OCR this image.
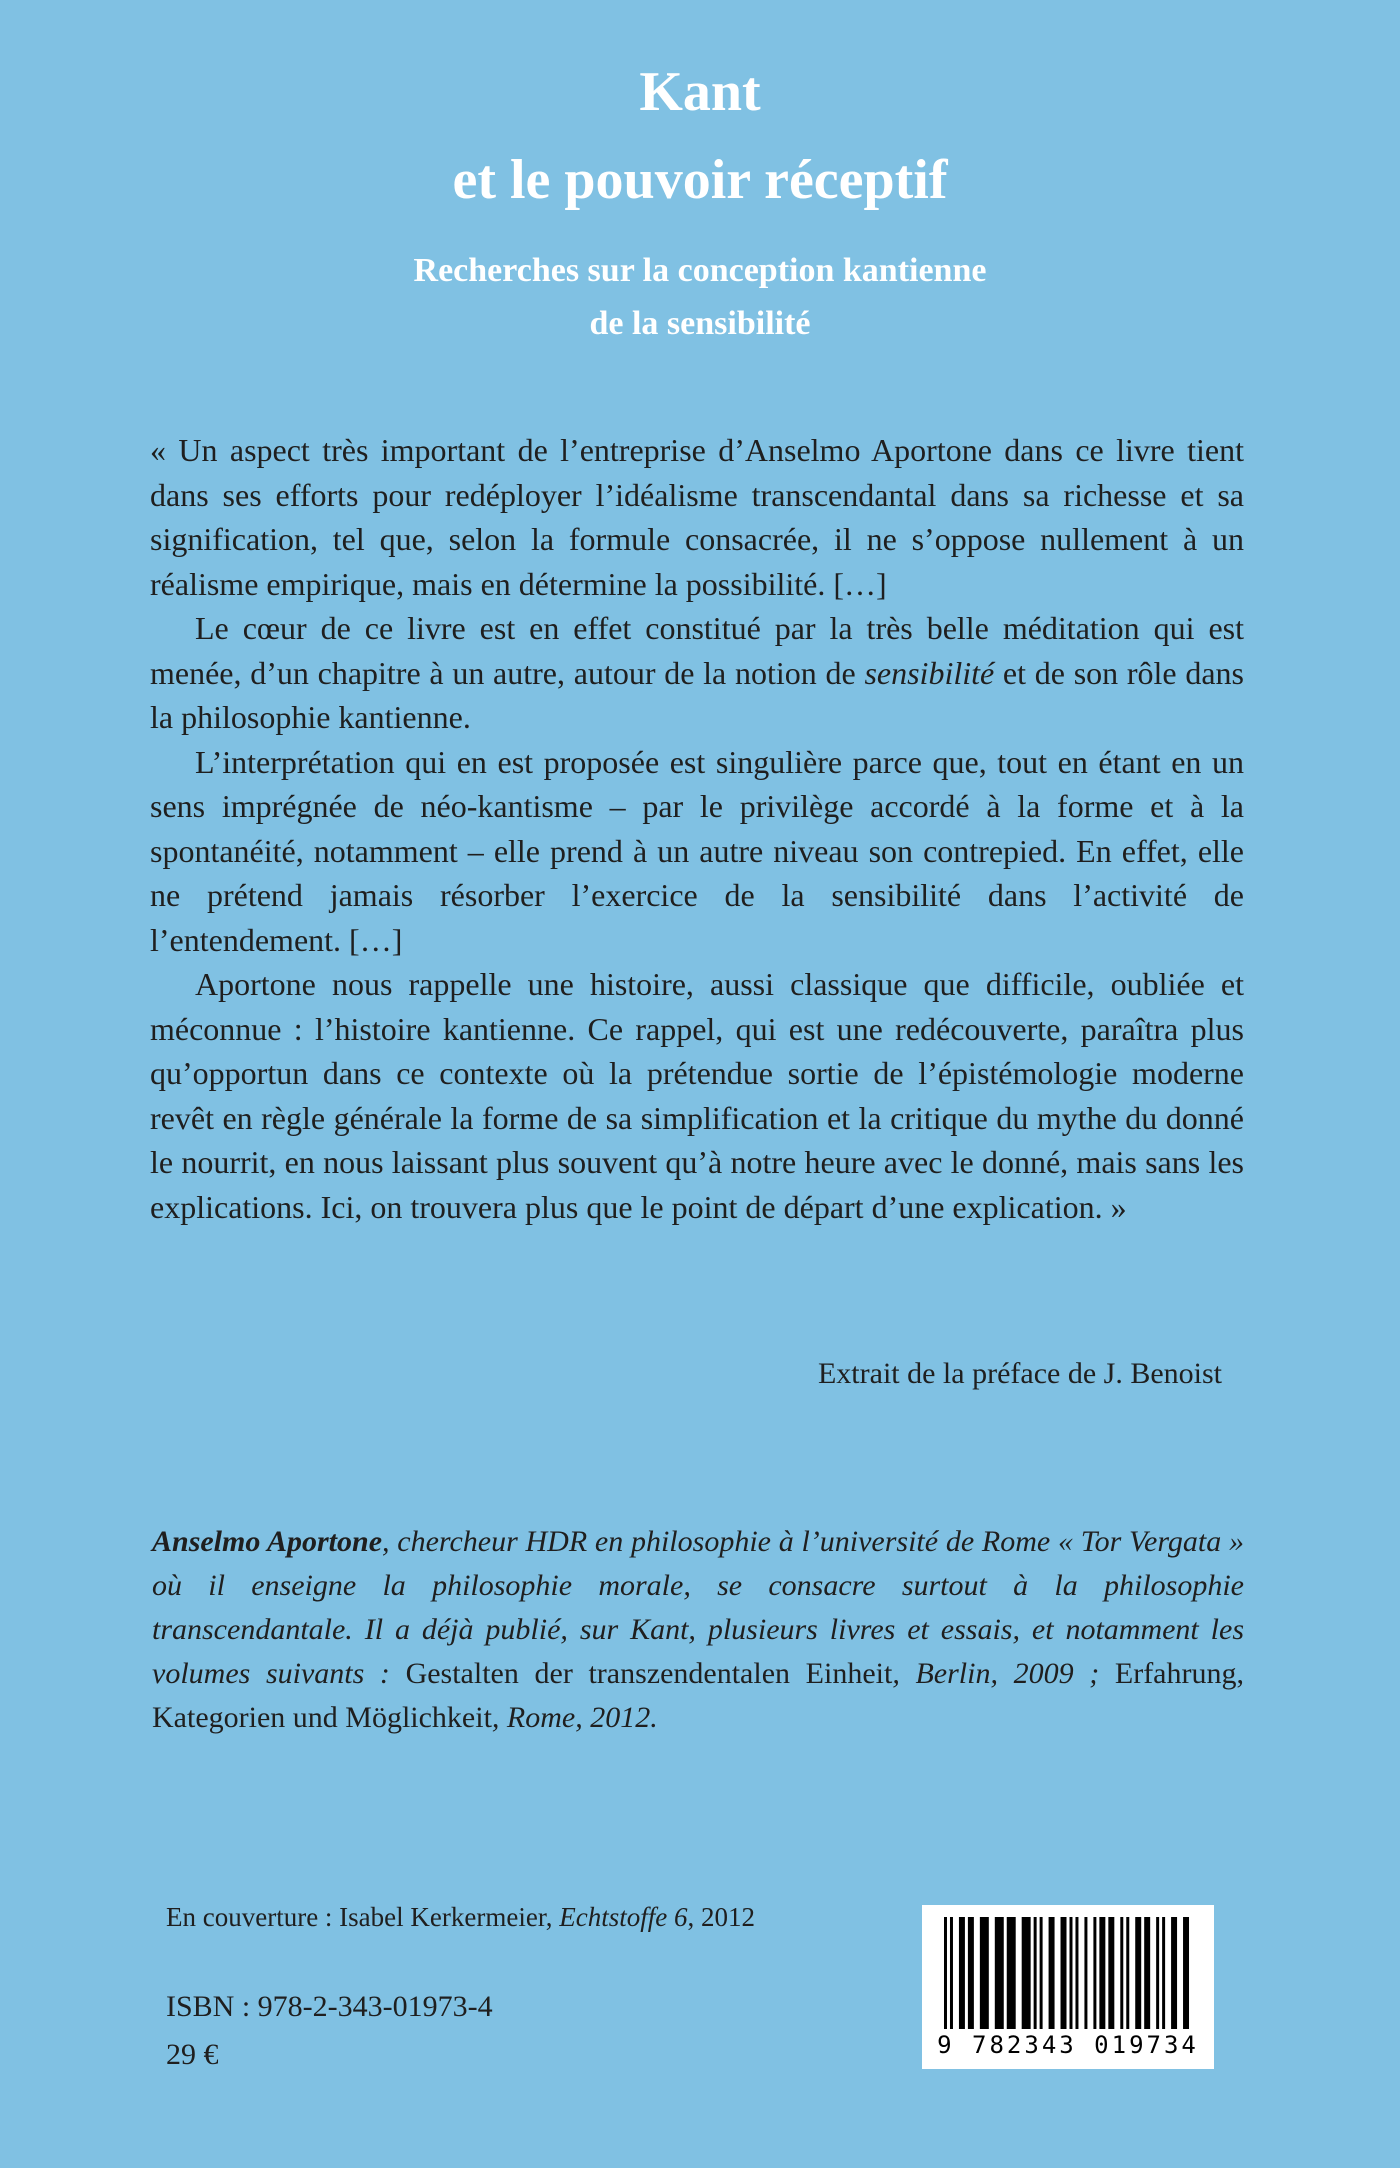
Kant
et le pouvoir réceptif
Recherches sur la conception kantienne
de la sensibilité

« Un aspect très important de l’entreprise d’Anselmo Aportone dans ce livre tient dans ses efforts pour redéployer l’idéalisme transcendantal dans sa richesse et sa signification, tel que, selon la formule consacrée, il ne s’oppose nullement à un réalisme empirique, mais en détermine la possibilité. […]

Le cœur de ce livre est en effet constitué par la très belle méditation qui est menée, d’un chapitre à un autre, autour de la notion de sensibilité et de son rôle dans la philosophie kantienne.

L’interprétation qui en est proposée est singulière parce que, tout en étant en un sens imprégnée de néo-kantisme – par le privilège accordé à la forme et à la spontanéité, notamment – elle prend à un autre niveau son contrepied. En effet, elle ne prétend jamais résorber l’exercice de la sensibilité dans l’activité de l’entendement. […]

Aportone nous rappelle une histoire, aussi classique que difficile, oubliée et méconnue : l’histoire kantienne. Ce rappel, qui est une redécouverte, paraîtra plus qu’opportun dans ce contexte où la prétendue sortie de l’épistémologie moderne revêt en règle générale la forme de sa simplification et la critique du mythe du donné le nourrit, en nous laissant plus souvent qu’à notre heure avec le donné, mais sans les explications. Ici, on trouvera plus que le point de départ d’une explication. »

Extrait de la préface de J. Benoist

Anselmo Aportone, chercheur HDR en philosophie à l’université de Rome « Tor Vergata » où il enseigne la philosophie morale, se consacre surtout à la philosophie transcendantale. Il a déjà publié, sur Kant, plusieurs livres et essais, et notamment les volumes suivants : Gestalten der transzendentalen Einheit, Berlin, 2009 ; Erfahrung, Kategorien und Möglichkeit, Rome, 2012.

En couverture : Isabel Kerkermeier, Echtstoffe 6, 2012

ISBN : 978-2-343-01973-4

29 €	9 782343 019734
